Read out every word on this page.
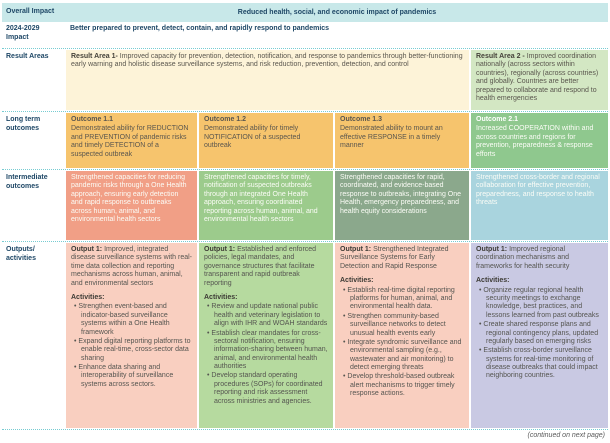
Overall Impact	Reduced health, social, and economic impact of pandemics
2024-2029 Impact
Better prepared to prevent, detect, contain, and rapidly respond to pandemics
Result Areas	Result Area 1- Improved capacity for prevention, detection, notification, and response to pandemics through better-functioning early warning and holistic disease surveillance systems, and risk reduction, prevention, detection, and control
Result Area 2 - Improved coordination nationally (across sectors within countries), regionally (across countries) and globally. Countries are better prepared to collaborate and respond to health emergencies
Long term outcomes
Outcome 1.1
Demonstrated ability for REDUCTION and PREVENTION of pandemic risks and timely DETECTION of a suspected outbreak
Outcome 1.2
Demonstrated ability for timely NOTIFICATION of a suspected outbreak
Outcome 1.3
Demonstrated ability to mount an effective RESPONSE in a timely manner
Outcome 2.1
Increased COOPERATION within and across countries and regions for prevention, preparedness & response efforts
Intermediate outcomes
Strengthened capacities for reducing pandemic risks through a One Health approach, ensuring early detection and rapid response to outbreaks across human, animal, and environmental health sectors
Strengthened capacities for timely, notification of suspected outbreaks through an integrated One Health approach, ensuring coordinated reporting across human, animal, and environmental health sectors
Strengthened capacities for rapid, coordinated, and evidence-based response to outbreaks, integrating One Health, emergency preparedness, and health equity considerations
Strengthened cross-border and regional collaboration for effective prevention, preparedness, and response to health threats
Outputs/ activities

Output 1: Improved, integrated disease surveillance systems with real-time data collection and reporting mechanisms across human, animal, and environmental sectors

Activities:

• Strengthen event-based and indicator-based surveillance systems within a One Health framework
• Expand digital reporting platforms to enable real-time, cross-sector data sharing
• Enhance data sharing and interoperability of surveillance systems across sectors.

Output 1: Established and enforced policies, legal mandates, and governance structures that facilitate transparent and rapid outbreak reporting

Activities:

• Review and update national public health and veterinary legislation to align with IHR and WOAH standards
• Establish clear mandates for cross-sectoral notification, ensuring information-sharing between human, animal, and environmental health authorities
• Develop standard operating procedures (SOPs) for coordinated reporting and risk assessment across ministries and agencies.

Output 1: Strengthened Integrated Surveillance Systems for Early Detection and Rapid Response

Activities:

• Establish real-time digital reporting platforms for human, animal, and environmental health data.
• Strengthen community-based surveillance networks to detect unusual health events early
• Integrate syndromic surveillance and environmental sampling (e.g., wastewater and air monitoring) to detect emerging threats
• Develop threshold-based outbreak alert mechanisms to trigger timely response actions.

Output 1: Improved regional coordination mechanisms and frameworks for health security

Activities:

• Organize regular regional health security meetings to exchange knowledge, best practices, and lessons learned from past outbreaks
• Create shared response plans and regional contingency plans, updated regularly based on emerging risks
• Establish cross-border surveillance systems for real-time monitoring of disease outbreaks that could impact neighboring countries.
(continued on next page)
